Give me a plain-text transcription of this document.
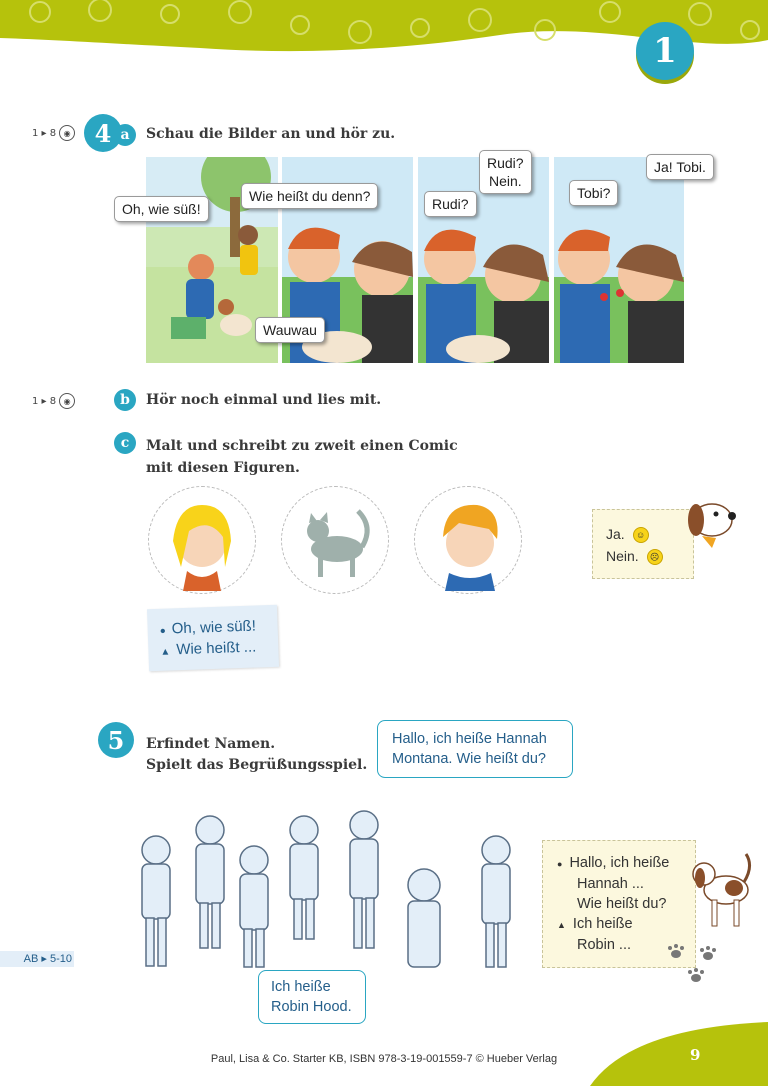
1
1 ▸ 8 ◉ 4 a Schau die Bilder an und hör zu.
Oh, wie süß!
Wie heißt du denn?
Wauwau
Rudi?
Rudi?
Nein.
Tobi?
Ja! Tobi.
1 ▸ 8 ◉	b Hör noch einmal und lies mit.
c Malt und schreibt zu zweit einen Comic
mit diesen Figuren.
Ja. ☺
Nein. ☹
● Oh, wie süß!
▲ Wie heißt ...
5 Erfindet Namen.
Spielt das Begrüßungsspiel.
Hallo, ich heiße Hannah
Montana. Wie heißt du?
Ich heiße
Robin Hood.
AB ▸ 5-10
● Hallo, ich heiße
Hannah ...
Wie heißt du?
▲ Ich heiße
Robin ...
Paul, Lisa & Co. Starter KB, ISBN 978-3-19-001559-7 © Hueber Verlag	9
